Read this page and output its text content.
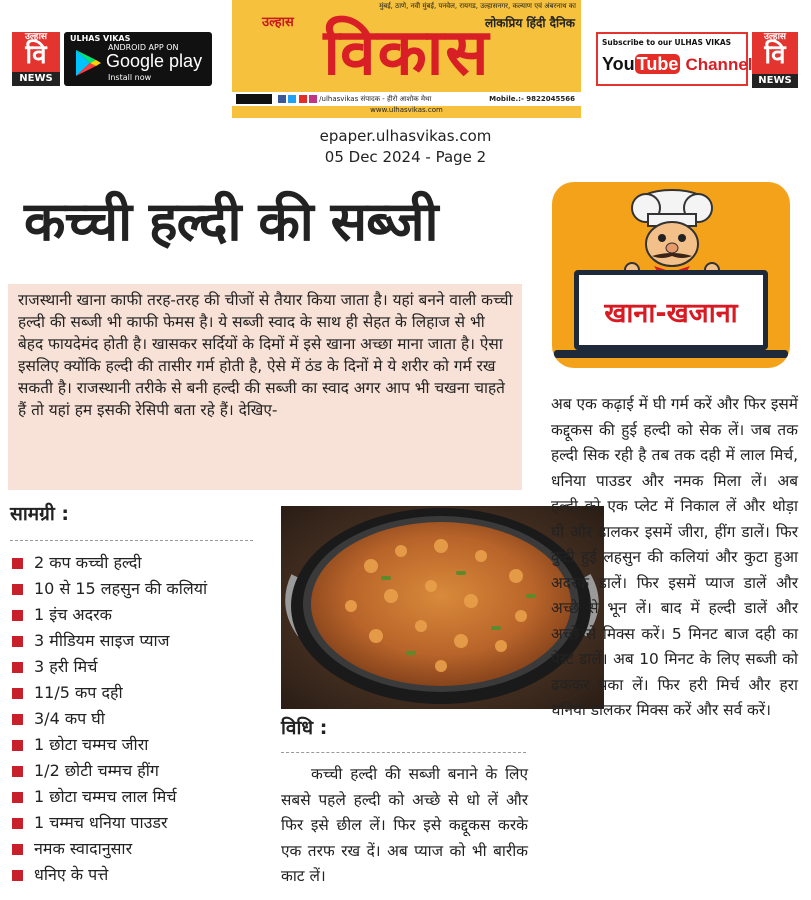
उल्हास
वि
NEWS
ULHAS VIKAS
ANDROID APP ON
Google play
Install now
मुंबई, ठाणे, नवी मुंबई, पनवेल, रायगड, उल्हासनगर, कल्याण एवं अंबरनाथ का
उल्हास	लोकप्रिय हिंदी दैनिक
विकास
/ulhasvikas संपादक - हीरो आशोक मेथा	Mobile.:- 9822045566
www.ulhasvikas.com
Subscribe to our ULHAS VIKAS
You Tube Channel
उल्हास
वि
NEWS
epaper.ulhasvikas.com
05 Dec 2024 - Page 2
कच्ची हल्दी की सब्जी
राजस्थानी खाना काफी तरह-तरह की चीजों से तैयार किया जाता है। यहां बनने वाली कच्ची हल्दी की सब्जी भी काफी फेमस है। ये सब्जी स्वाद के साथ ही सेहत के लिहाज से भी बेहद फायदेमंद होती है। खासकर सर्दियों के दिमों में इसे खाना अच्छा माना जाता है। ऐसा इसलिए क्योंकि हल्दी की तासीर गर्म होती है, ऐसे में ठंड के दिनों मे ये शरीर को गर्म रख सकती है। राजस्थानी तरीके से बनी हल्दी की सब्जी का स्वाद अगर आप भी चखना चाहते हैं तो यहां हम इसकी रेसिपी बता रहे हैं। देखिए-
खाना-खजाना
सामग्री :
2 कप कच्ची हल्दी
10 से 15 लहसुन की कलियां
1 इंच अदरक
3 मीडियम साइज प्याज
3 हरी मिर्च
11/5 कप दही
3/4 कप घी
1 छोटा चम्मच जीरा
1/2 छोटी चम्मच हींग
1 छोटा चम्मच लाल मिर्च
1 चम्मच धनिया पाउडर
नमक स्वादानुसार
धनिए के पत्ते
विधि :
कच्ची हल्दी की सब्जी बनाने के लिए सबसे पहले हल्दी को अच्छे से धो लें और फिर इसे छील लें। फिर इसे कद्दूकस करके एक तरफ रख दें। अब प्याज को भी बारीक काट लें।
अब एक कढ़ाई में घी गर्म करें और फिर इसमें कद्दूकस की हुई हल्दी को सेक लें। जब तक हल्दी सिक रही है तब तक दही में लाल मिर्च, धनिया पाउडर और नमक मिला लें। अब हल्दी को एक प्लेट में निकाल लें और थोड़ा घी और डालकर इसमें जीरा, हींग डालें। फिर कुटी हुई लहसुन की कलियां और कुटा हुआ अदरक डालें। फिर इसमें प्याज डालें और अच्छे से भून लें। बाद में हल्दी डालें और अच्छे से मिक्स करें। 5 मिनट बाज दही का पेस्ट डालें। अब 10 मिनट के लिए सब्जी को ढककर पका लें। फिर हरी मिर्च और हरा धनिया डालकर मिक्स करें और सर्व करें।
